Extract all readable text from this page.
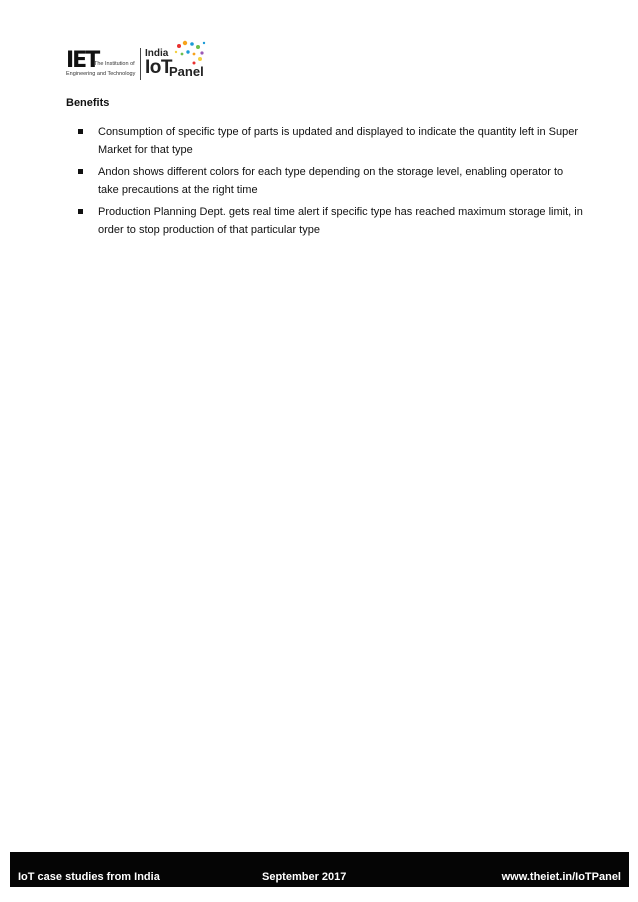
IET
The Institution of
Engineering and Technology
India
IoT
Panel
Benefits
Consumption of specific type of parts is updated and displayed to indicate the quantity left in Super Market for that type
Andon shows different colors for each type depending on the storage level, enabling operator to take precautions at the right time
Production Planning Dept. gets real time alert if specific type has reached maximum storage limit, in order to stop production of that particular type
IoT case studies from India	September 2017	www.theiet.in/IoTPanel
